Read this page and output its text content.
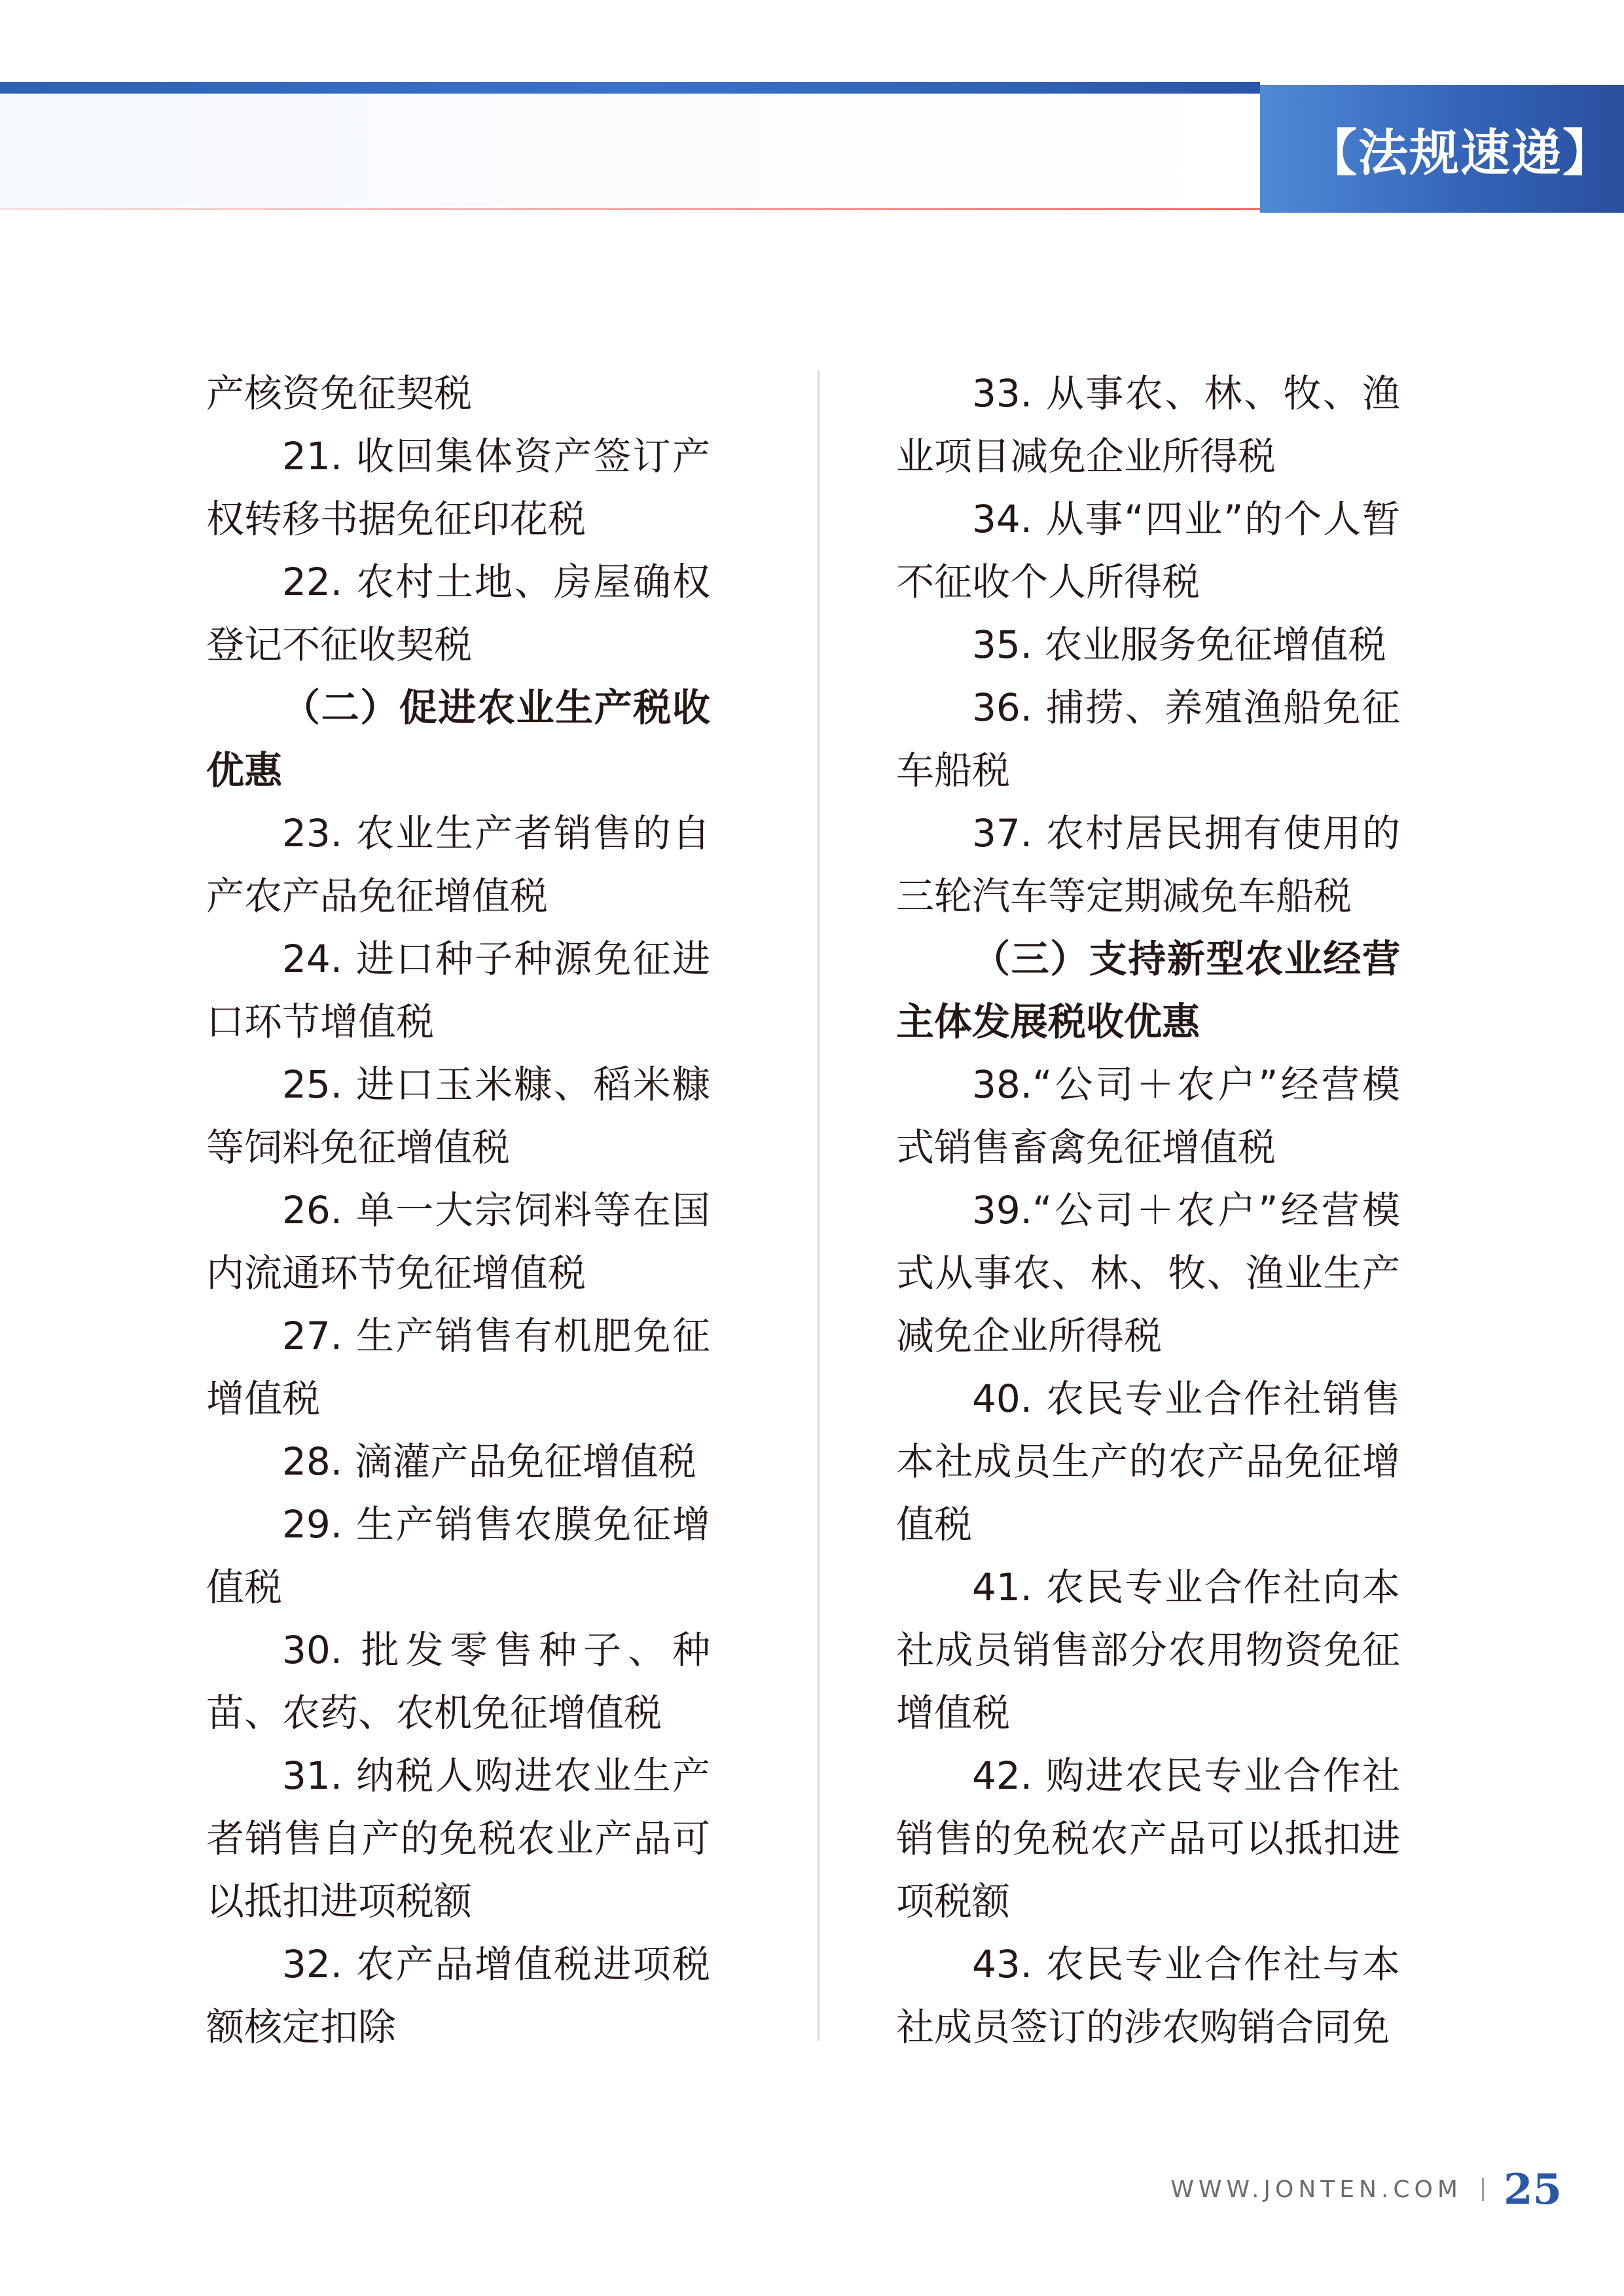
【法规速递】

产核资免征契税

21. 收回集体资产签订产权转移书据免征印花税

22. 农村土地、房屋确权登记不征收契税

（二）促进农业生产税收优惠

23. 农业生产者销售的自产农产品免征增值税

24. 进口种子种源免征进口环节增值税

25. 进口玉米糠、稻米糠等饲料免征增值税

26. 单一大宗饲料等在国内流通环节免征增值税

27. 生产销售有机肥免征增值税

28. 滴灌产品免征增值税

29. 生产销售农膜免征增值税

30. 批发零售种子、种苗、农药、农机免征增值税

31. 纳税人购进农业生产者销售自产的免税农业产品可以抵扣进项税额

32. 农产品增值税进项税额核定扣除

33. 从事农、林、牧、渔业项目减免企业所得税

34. 从事“四业”的个人暂不征收个人所得税

35. 农业服务免征增值税

36. 捕捞、养殖渔船免征车船税

37. 农村居民拥有使用的三轮汽车等定期减免车船税

（三）支持新型农业经营主体发展税收优惠

38.“公司＋农户”经营模式销售畜禽免征增值税

39.“公司＋农户”经营模式从事农、林、牧、渔业生产减免企业所得税

40. 农民专业合作社销售本社成员生产的农产品免征增值税

41. 农民专业合作社向本社成员销售部分农用物资免征增值税

42. 购进农民专业合作社销售的免税农产品可以抵扣进项税额

43. 农民专业合作社与本社成员签订的涉农购销合同免

WWW.JONTEN.COM 25
